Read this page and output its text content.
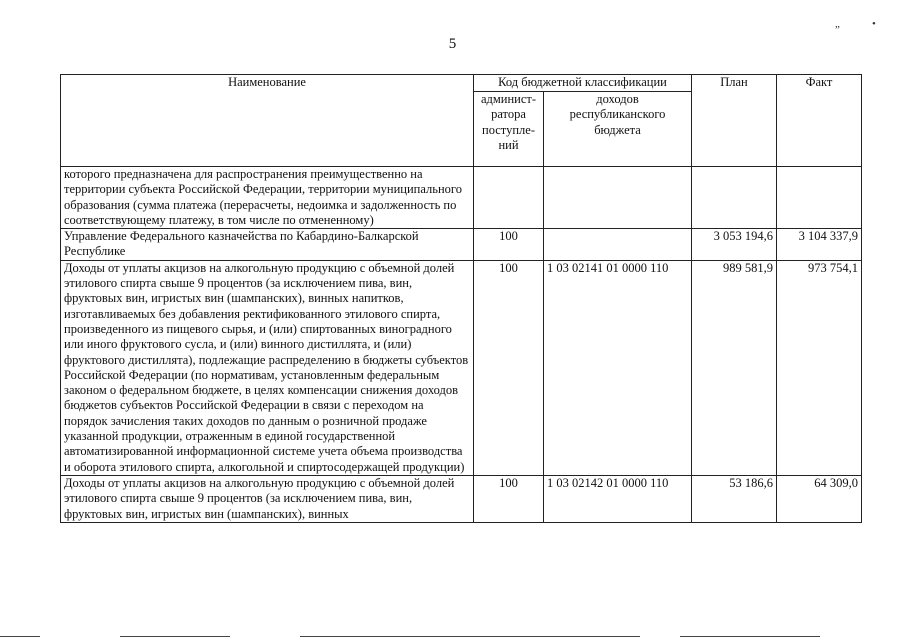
5
„	•
Наименование	Код бюджетной классификации		План	Факт
	админист-ратора поступле-ний	доходов республиканского бюджета		
которого предназначена для распространения преимущественно на территории субъекта Российской Федерации, территории муниципального образования (сумма платежа (перерасчеты, недоимка и задолженность по соответствующему платежу, в том числе по отмененному)				
Управление Федерального казначейства по Кабардино-Балкарской Республике	100		3 053 194,6	3 104 337,9
Доходы от уплаты акцизов на алкогольную продукцию с объемной долей этилового спирта свыше 9 процентов (за исключением пива, вин, фруктовых вин, игристых вин (шампанских), винных напитков, изготавливаемых без добавления ректификованного этилового спирта, произведенного из пищевого сырья, и (или) спиртованных виноградного или иного фруктового сусла, и (или) винного дистиллята, и (или) фруктового дистиллята), подлежащие распределению в бюджеты субъектов Российской Федерации (по нормативам, установленным федеральным законом о федеральном бюджете, в целях компенсации снижения доходов бюджетов субъектов Российской Федерации в связи с переходом на порядок зачисления таких доходов по данным о розничной продаже указанной продукции, отраженным в единой государственной автоматизированной информационной системе учета объема производства и оборота этилового спирта, алкогольной и спиртосодержащей продукции)	100	1 03 02141 01 0000 110	989 581,9	973 754,1
Доходы от уплаты акцизов на алкогольную продукцию с объемной долей этилового спирта свыше 9 процентов (за исключением пива, вин, фруктовых вин, игристых вин (шампанских), винных	100	1 03 02142 01 0000 110	53 186,6	64 309,0
